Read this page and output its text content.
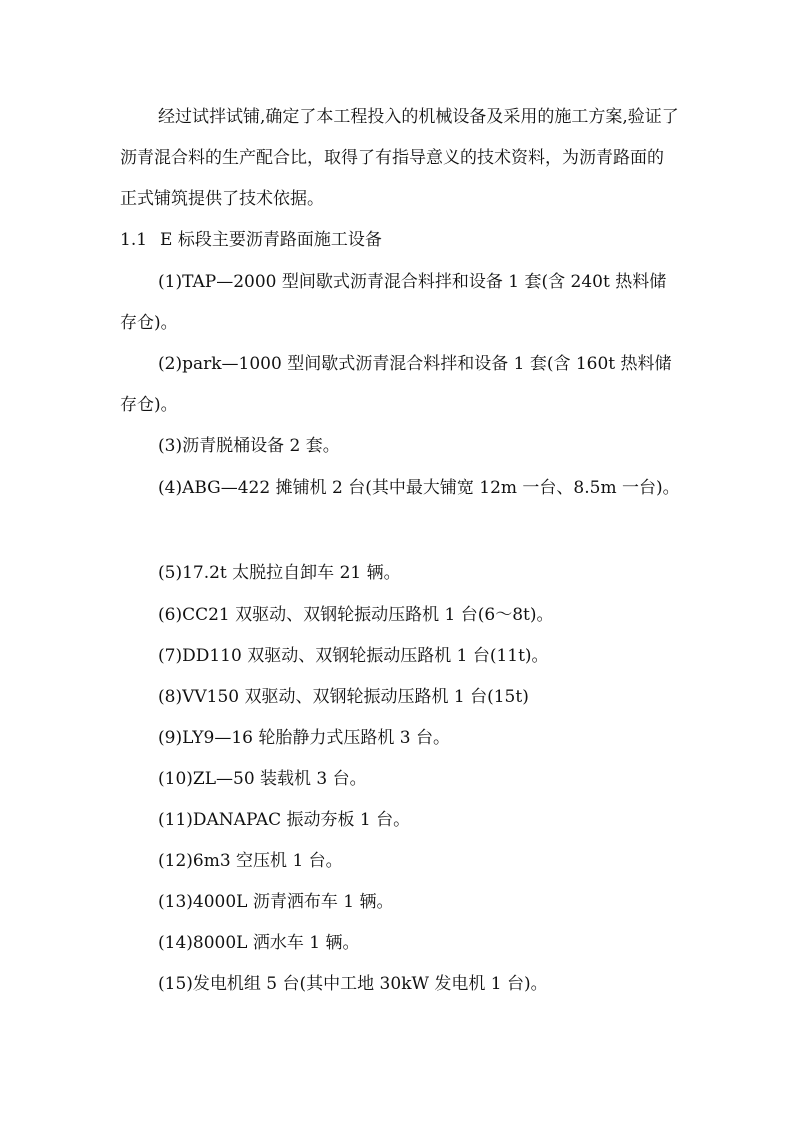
经过试拌试铺,确定了本工程投入的机械设备及采用的施工方案,验证了沥青混合料的生产配合比，取得了有指导意义的技术资料，为沥青路面的正式铺筑提供了技术依据。

1.1 E 标段主要沥青路面施工设备

(1)TAP—2000 型间歇式沥青混合料拌和设备 1 套(含 240t 热料储存仓)。

(2)park—1000 型间歇式沥青混合料拌和设备 1 套(含 160t 热料储存仓)。

(3)沥青脱桶设备 2 套。

(4)ABG—422 摊铺机 2 台(其中最大铺宽 12m 一台、8.5m 一台)。

(5)17.2t 太脱拉自卸车 21 辆。

(6)CC21 双驱动、双钢轮振动压路机 1 台(6～8t)。

(7)DD110 双驱动、双钢轮振动压路机 1 台(11t)。

(8)VV150 双驱动、双钢轮振动压路机 1 台(15t)

(9)LY9—16 轮胎静力式压路机 3 台。

(10)ZL—50 装载机 3 台。

(11)DANAPAC 振动夯板 1 台。

(12)6m3 空压机 1 台。

(13)4000L 沥青洒布车 1 辆。

(14)8000L 洒水车 1 辆。

(15)发电机组 5 台(其中工地 30kW 发电机 1 台)。
